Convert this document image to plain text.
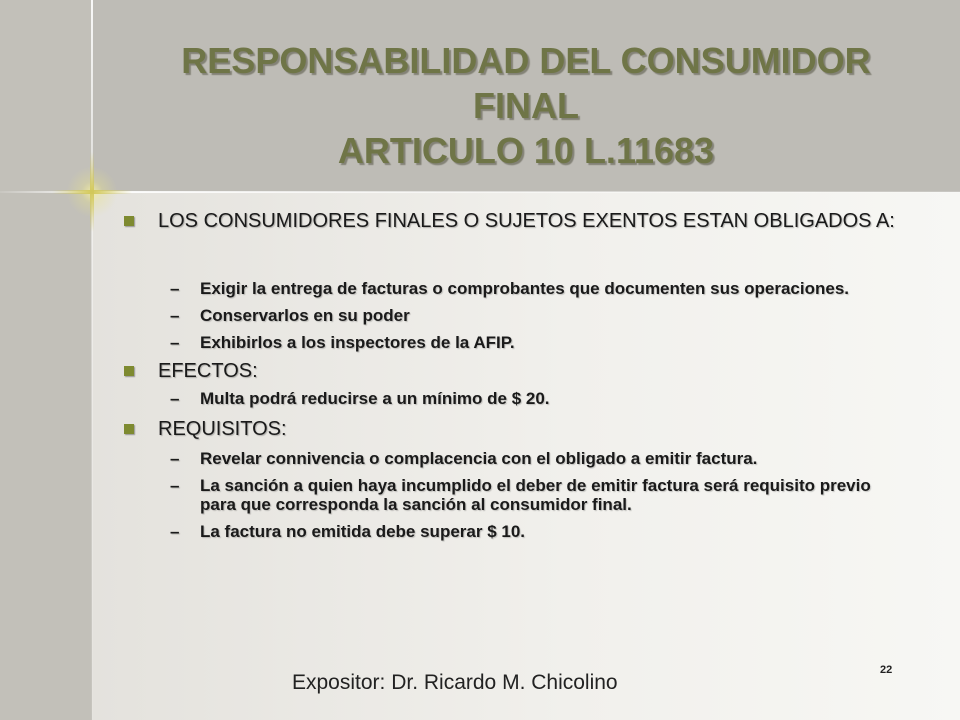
RESPONSABILIDAD DEL CONSUMIDOR
FINAL
ARTICULO 10 L.11683
LOS CONSUMIDORES FINALES O SUJETOS EXENTOS ESTAN OBLIGADOS A:
– Exigir la entrega de facturas o comprobantes que documenten sus operaciones.
– Conservarlos en su poder
– Exhibirlos a los inspectores de la AFIP.
EFECTOS:
– Multa podrá reducirse a un mínimo de $ 20.
REQUISITOS:
– Revelar connivencia o complacencia con el obligado a emitir factura.
– La sanción a quien haya incumplido el deber de emitir factura será requisito previo para que corresponda la sanción al consumidor final.
– La factura no emitida debe superar $ 10.
22
Expositor: Dr. Ricardo M. Chicolino
